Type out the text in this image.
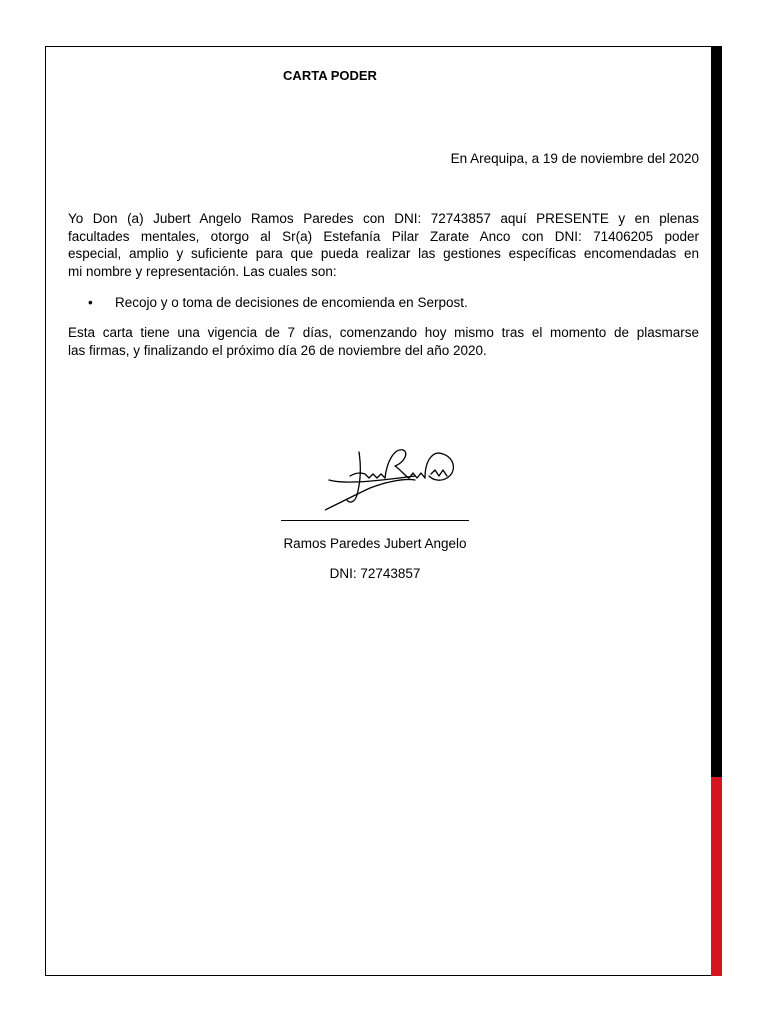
CARTA PODER
En Arequipa, a 19 de noviembre del 2020
Yo Don (a) Jubert Angelo Ramos Paredes con DNI: 72743857 aquí PRESENTE y en plenas
facultades mentales, otorgo al Sr(a) Estefanía Pilar Zarate Anco con DNI: 71406205 poder
especial, amplio y suficiente para que pueda realizar las gestiones específicas encomendadas en
mi nombre y representación. Las cuales son:
• Recojo y o toma de decisiones de encomienda en Serpost.
Esta carta tiene una vigencia de 7 días, comenzando hoy mismo tras el momento de plasmarse
las firmas, y finalizando el próximo día 26 de noviembre del año 2020.
Ramos Paredes Jubert Angelo
DNI: 72743857
